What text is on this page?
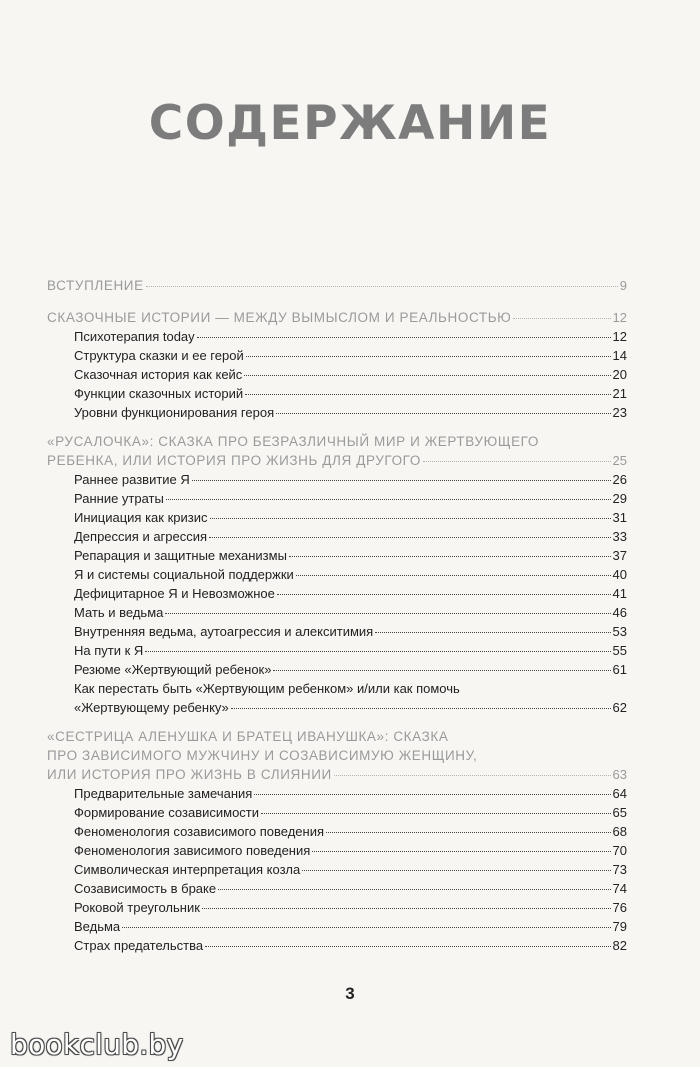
СОДЕРЖАНИЕ
ВСТУПЛЕНИЕ	9
СКАЗОЧНЫЕ ИСТОРИИ — МЕЖДУ ВЫМЫСЛОМ И РЕАЛЬНОСТЬЮ	12
Психотерапия today	12
Структура сказки и ее герой	14
Сказочная история как кейс	20
Функции сказочных историй	21
Уровни функционирования героя	23
«РУСАЛОЧКА»: СКАЗКА ПРО БЕЗРАЗЛИЧНЫЙ МИР И ЖЕРТВУЮЩЕГО
РЕБЕНКА, ИЛИ ИСТОРИЯ ПРО ЖИЗНЬ ДЛЯ ДРУГОГО	25
Раннее развитие Я	26
Ранние утраты	29
Инициация как кризис	31
Депрессия и агрессия	33
Репарация и защитные механизмы	37
Я и системы социальной поддержки	40
Дефицитарное Я и Невозможное	41
Мать и ведьма	46
Внутренняя ведьма, аутоагрессия и алекситимия	53
На пути к Я	55
Резюме «Жертвующий ребенок»	61
Как перестать быть «Жертвующим ребенком» и/или как помочь
«Жертвующему ребенку»	62
«СЕСТРИЦА АЛЕНУШКА И БРАТЕЦ ИВАНУШКА»: СКАЗКА
ПРО ЗАВИСИМОГО МУЖЧИНУ И СОЗАВИСИМУЮ ЖЕНЩИНУ,
ИЛИ ИСТОРИЯ ПРО ЖИЗНЬ В СЛИЯНИИ	63
Предварительные замечания	64
Формирование созависимости	65
Феноменология созависимого поведения	68
Феноменология зависимого поведения	70
Символическая интерпретация козла	73
Созависимость в браке	74
Роковой треугольник	76
Ведьма	79
Страх предательства	82
3
bookclub.by
